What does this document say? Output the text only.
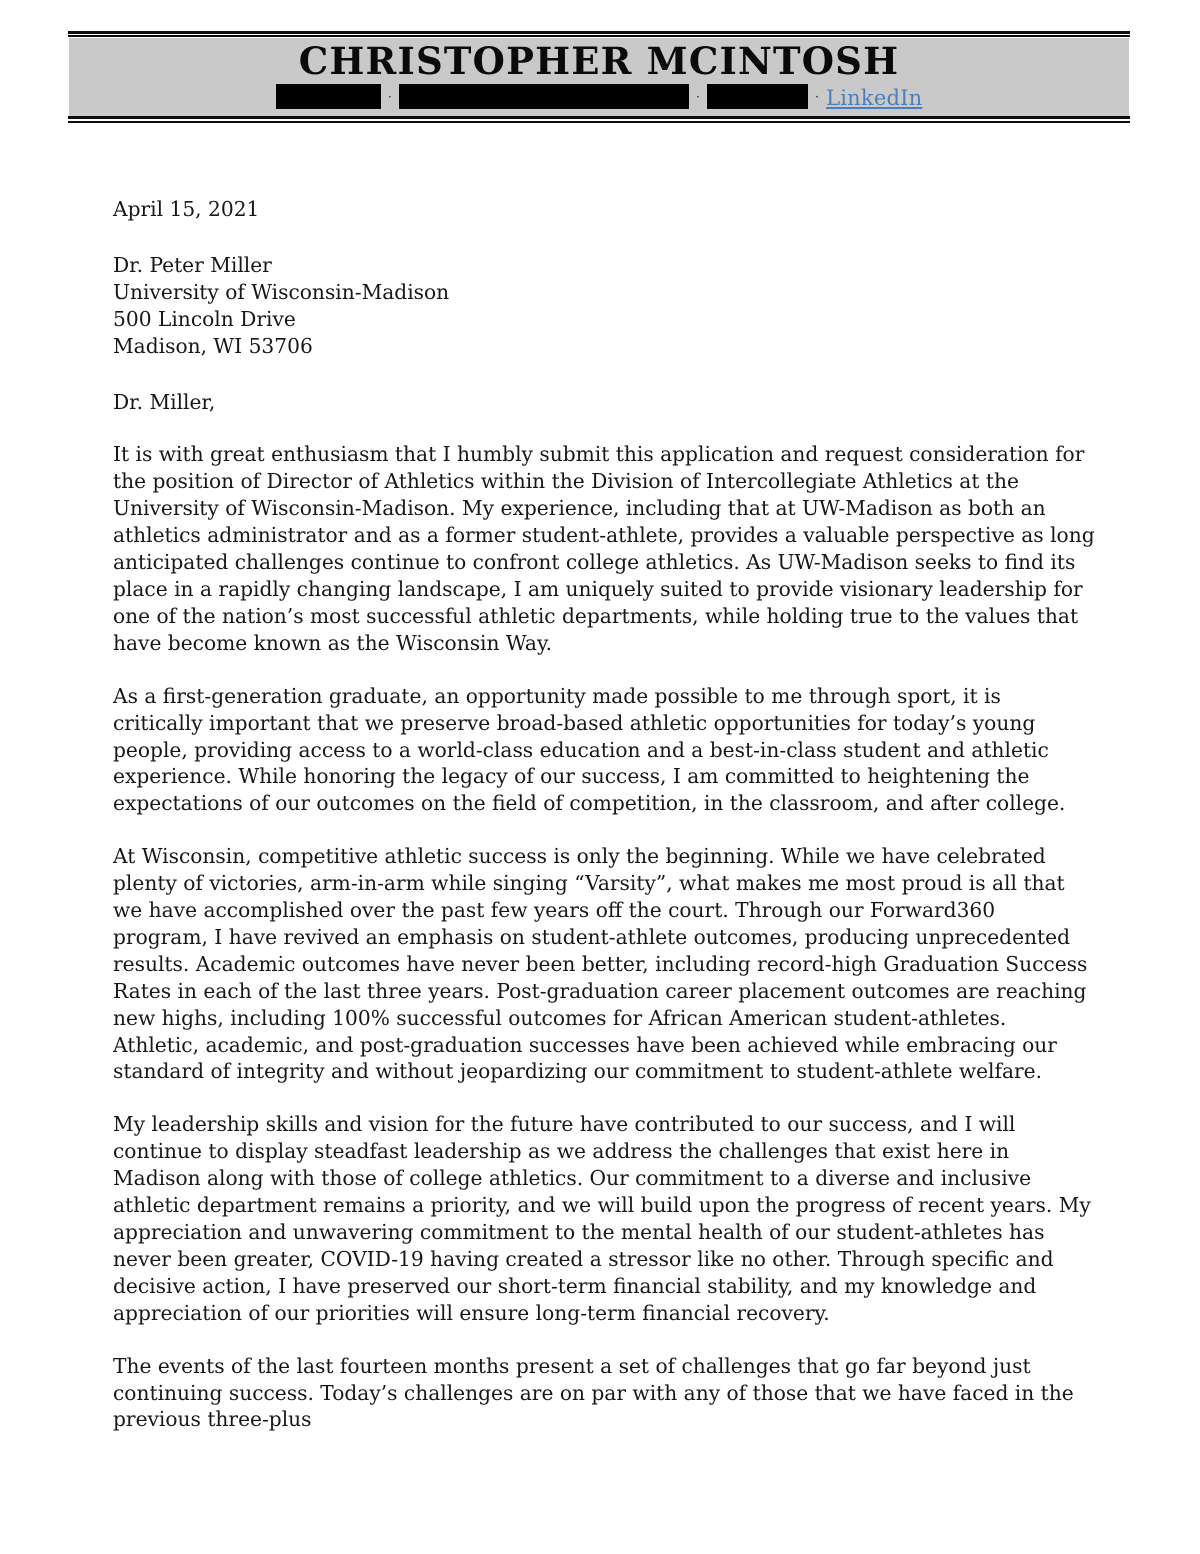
CHRISTOPHER MCINTOSH
·	·	· LinkedIn
April 15, 2021
Dr. Peter Miller
University of Wisconsin-Madison
500 Lincoln Drive
Madison, WI 53706
Dr. Miller,
It is with great enthusiasm that I humbly submit this application and request consideration for the position of Director of Athletics within the Division of Intercollegiate Athletics at the University of Wisconsin-Madison. My experience, including that at UW-Madison as both an athletics administrator and as a former student-athlete, provides a valuable perspective as long anticipated challenges continue to confront college athletics. As UW-Madison seeks to find its place in a rapidly changing landscape, I am uniquely suited to provide visionary leadership for one of the nation’s most successful athletic departments, while holding true to the values that have become known as the Wisconsin Way.
As a first-generation graduate, an opportunity made possible to me through sport, it is critically important that we preserve broad-based athletic opportunities for today’s young people, providing access to a world-class education and a best-in-class student and athletic experience. While honoring the legacy of our success, I am committed to heightening the expectations of our outcomes on the field of competition, in the classroom, and after college.
At Wisconsin, competitive athletic success is only the beginning. While we have celebrated plenty of victories, arm-in-arm while singing “Varsity”, what makes me most proud is all that we have accomplished over the past few years off the court. Through our Forward360 program, I have revived an emphasis on student-athlete outcomes, producing unprecedented results. Academic outcomes have never been better, including record-high Graduation Success Rates in each of the last three years. Post-graduation career placement outcomes are reaching new highs, including 100% successful outcomes for African American student-athletes. Athletic, academic, and post-graduation successes have been achieved while embracing our standard of integrity and without jeopardizing our commitment to student-athlete welfare.
My leadership skills and vision for the future have contributed to our success, and I will continue to display steadfast leadership as we address the challenges that exist here in Madison along with those of college athletics. Our commitment to a diverse and inclusive athletic department remains a priority, and we will build upon the progress of recent years. My appreciation and unwavering commitment to the mental health of our student-athletes has never been greater, COVID-19 having created a stressor like no other. Through specific and decisive action, I have preserved our short-term financial stability, and my knowledge and appreciation of our priorities will ensure long-term financial recovery.
The events of the last fourteen months present a set of challenges that go far beyond just continuing success. Today’s challenges are on par with any of those that we have faced in the previous three-plus
